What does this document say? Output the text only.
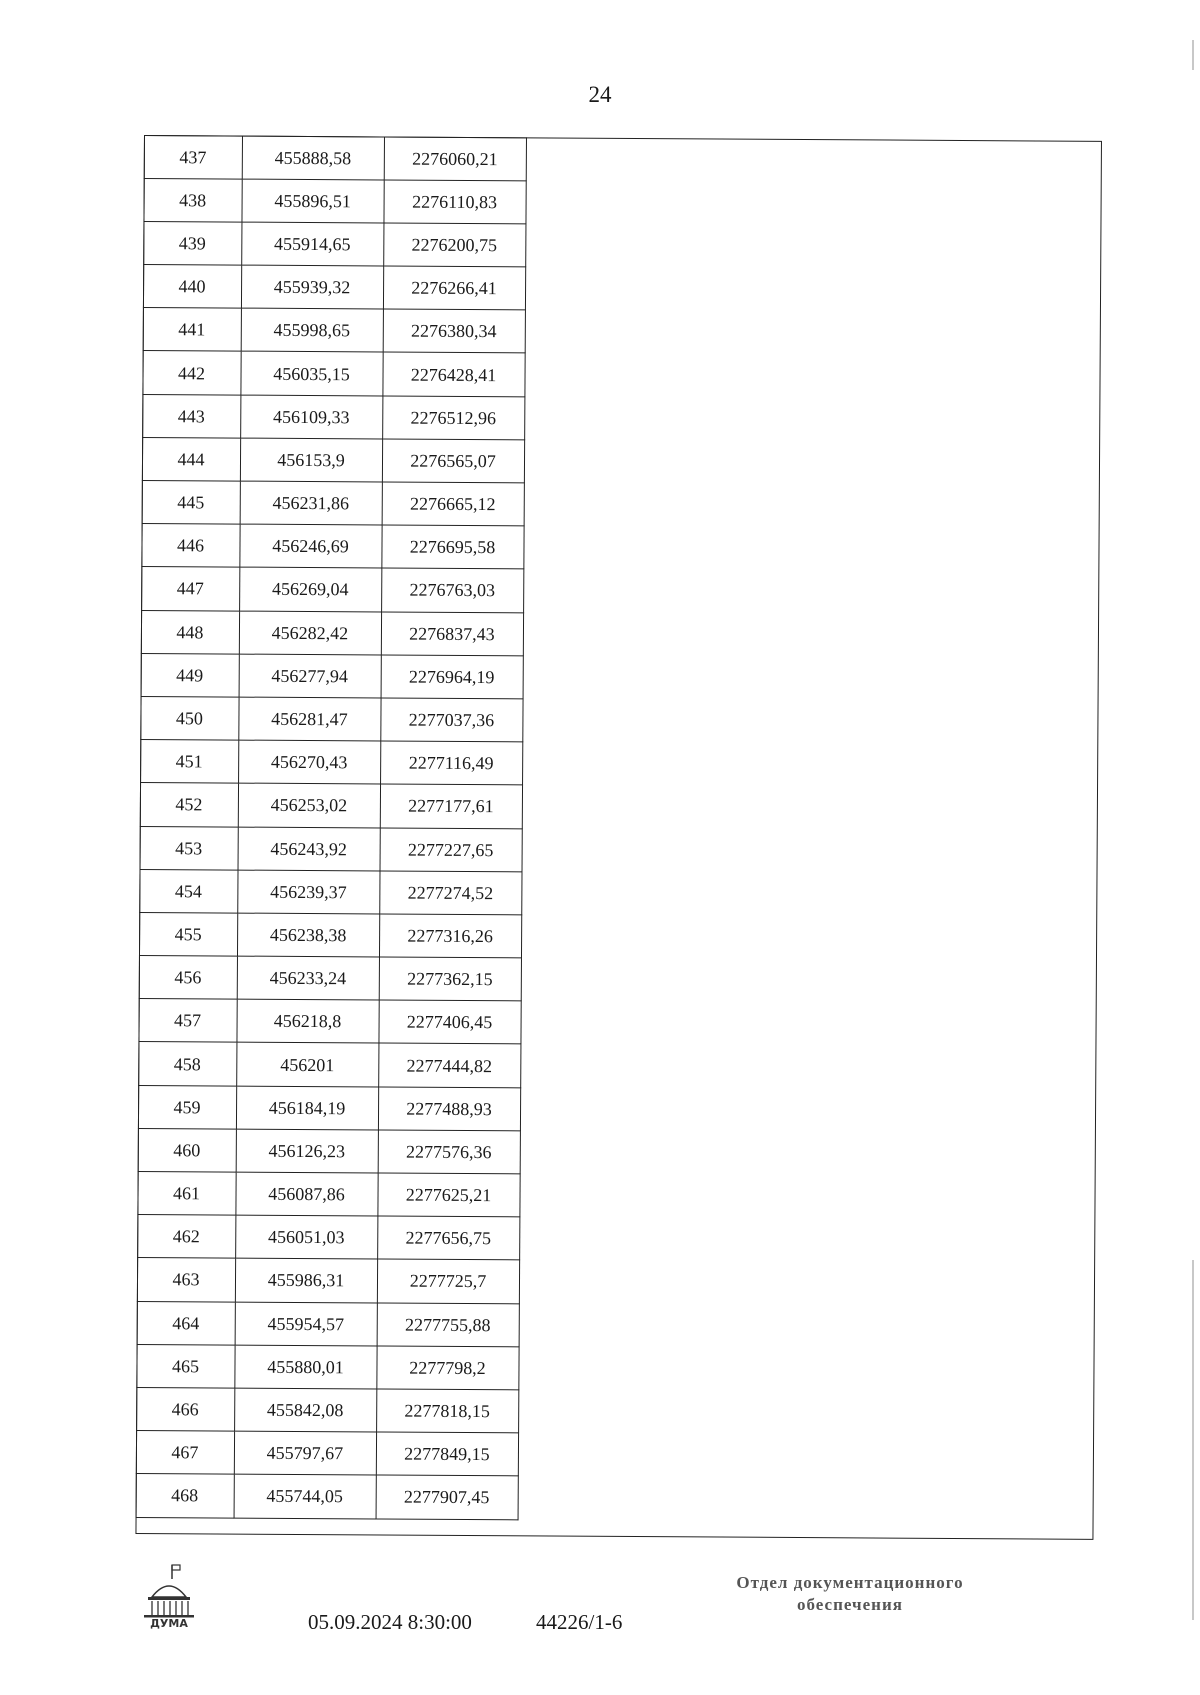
24
437	455888,58	2276060,21
438	455896,51	2276110,83
439	455914,65	2276200,75
440	455939,32	2276266,41
441	455998,65	2276380,34
442	456035,15	2276428,41
443	456109,33	2276512,96
444	456153,9	2276565,07
445	456231,86	2276665,12
446	456246,69	2276695,58
447	456269,04	2276763,03
448	456282,42	2276837,43
449	456277,94	2276964,19
450	456281,47	2277037,36
451	456270,43	2277116,49
452	456253,02	2277177,61
453	456243,92	2277227,65
454	456239,37	2277274,52
455	456238,38	2277316,26
456	456233,24	2277362,15
457	456218,8	2277406,45
458	456201	2277444,82
459	456184,19	2277488,93
460	456126,23	2277576,36
461	456087,86	2277625,21
462	456051,03	2277656,75
463	455986,31	2277725,7
464	455954,57	2277755,88
465	455880,01	2277798,2
466	455842,08	2277818,15
467	455797,67	2277849,15
468	455744,05	2277907,45
ДУМА	05.09.2024 8:30:00	44226/1-6
Отдел документационного
обеспечения
